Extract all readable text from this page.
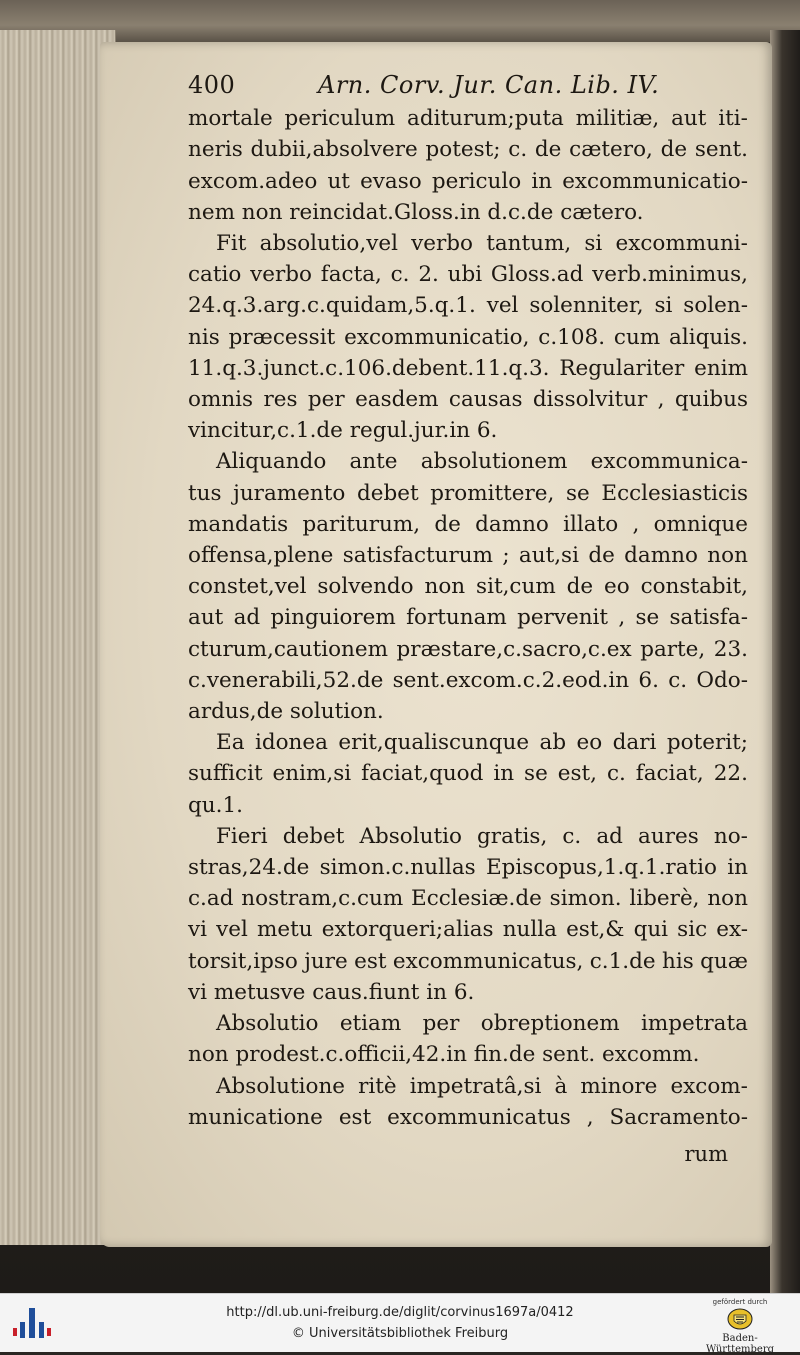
400	Arn. Corv. Jur. Can. Lib. IV.
mortale periculum aditurum;puta militiæ, aut iti-
neris dubii,absolvere potest; c. de cætero, de sent.
excom.adeo ut evaso periculo in excommunicatio-
nem non reincidat.Gloss.in d.c.de cætero.
Fit absolutio,vel verbo tantum, si excommuni-
catio verbo facta, c. 2. ubi Gloss.ad verb.minimus,
24.q.3.arg.c.quidam,5.q.1. vel solenniter, si solen-
nis præcessit excommunicatio, c.108. cum aliquis.
11.q.3.junct.c.106.debent.11.q.3. Regulariter enim
omnis res per easdem causas dissolvitur , quibus
vincitur,c.1.de regul.jur.in 6.
Aliquando ante absolutionem excommunica-
tus juramento debet promittere, se Ecclesiasticis
mandatis pariturum, de damno illato , omnique
offensa,plene satisfacturum ; aut,si de damno non
constet,vel solvendo non sit,cum de eo constabit,
aut ad pinguiorem fortunam pervenit , se satisfa-
cturum,cautionem præstare,c.sacro,c.ex parte, 23.
c.venerabili,52.de sent.excom.c.2.eod.in 6. c. Odo-
ardus,de solution.
Ea idonea erit,qualiscunque ab eo dari poterit;
sufficit enim,si faciat,quod in se est, c. faciat, 22.
qu.1.
Fieri debet Absolutio gratis, c. ad aures no-
stras,24.de simon.c.nullas Episcopus,1.q.1.ratio in
c.ad nostram,c.cum Ecclesiæ.de simon. liberè, non
vi vel metu extorqueri;alias nulla est,& qui sic ex-
torsit,ipso jure est excommunicatus, c.1.de his quæ
vi metusve caus.fiunt in 6.
Absolutio etiam per obreptionem impetrata
non prodest.c.officii,42.in fin.de sent. excomm.
Absolutione ritè impetratâ,si à minore excom-
municatione est excommunicatus , Sacramento-
rum
http://dl.ub.uni-freiburg.de/diglit/corvinus1697a/0412
© Universitätsbibliothek Freiburg
gefördert durch
Baden-Württemberg
